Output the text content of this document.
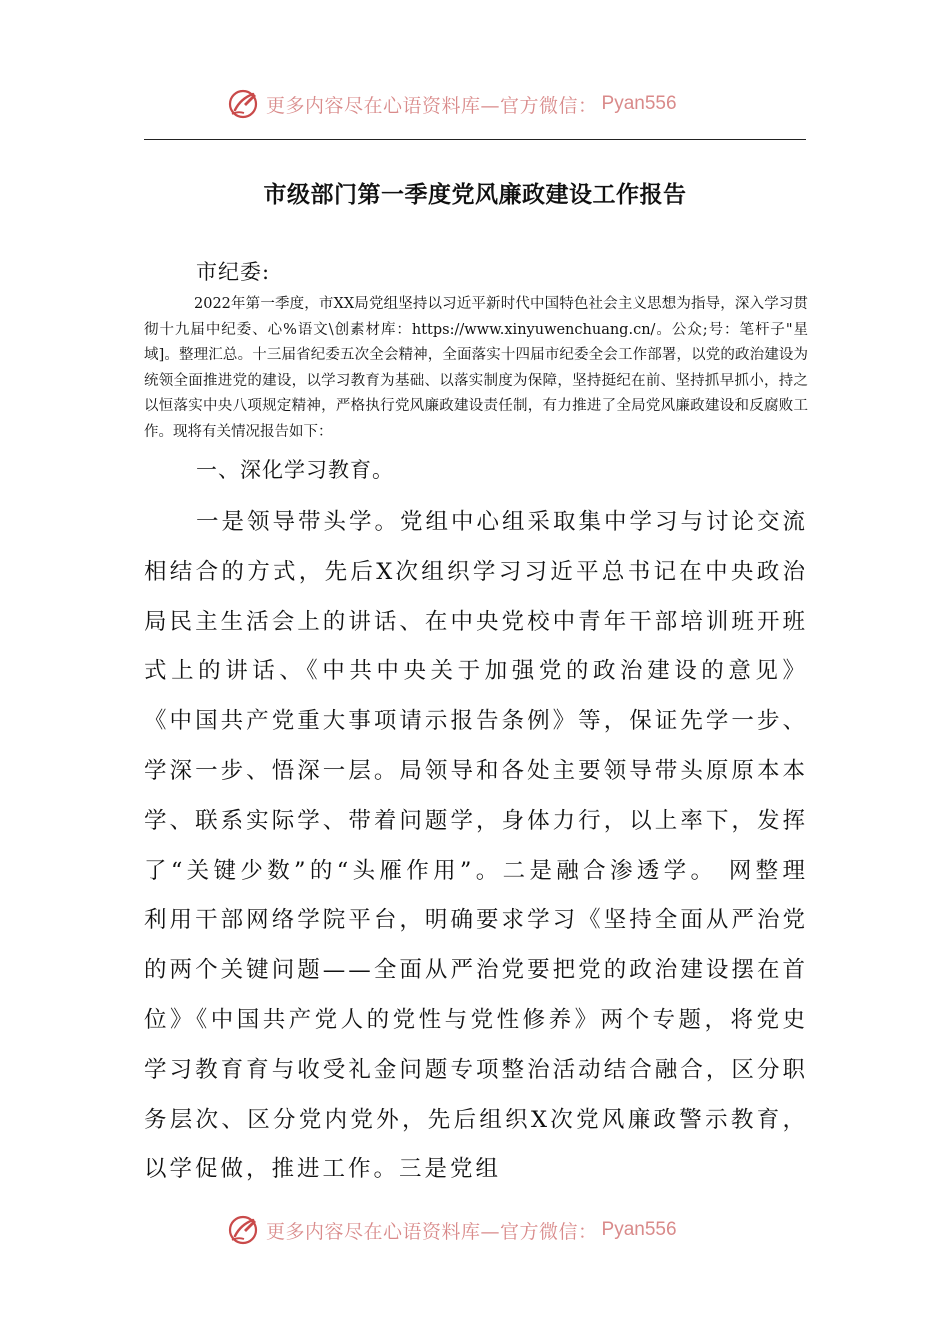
更多内容尽在心语资料库—官方微信： Pyan556
市级部门第一季度党风廉政建设工作报告
市纪委:
2022年第一季度，市XX局党组坚持以习近平新时代中国特色社会主义思想为指导，深入学习贯彻十九届中纪委、心%语文\创素材库：https://www.xinyuwenchuang.cn/。公众;号：笔杆子"星域]。整理汇总。十三届省纪委五次全会精神，全面落实十四届市纪委全会工作部署，以党的政治建设为统领全面推进党的建设，以学习教育为基础、以落实制度为保障，坚持挺纪在前、坚持抓早抓小，持之以恒落实中央八项规定精神，严格执行党风廉政建设责任制，有力推进了全局党风廉政建设和反腐败工作。现将有关情况报告如下：
一、深化学习教育。
一是领导带头学。党组中心组采取集中学习与讨论交流相结合的方式，先后X次组织学习习近平总书记在中央政治局民主生活会上的讲话、在中央党校中青年干部培训班开班式上的讲话、《中共中央关于加强党的政治建设的意见》《中国共产党重大事项请示报告条例》等，保证先学一步、学深一步、悟深一层。局领导和各处主要领导带头原原本本学、联系实际学、带着问题学，身体力行，以上率下，发挥了“关键少数”的“头雁作用”。二是融合渗透学。 网整理 利用干部网络学院平台，明确要求学习《坚持全面从严治党的两个关键问题——全面从严治党要把党的政治建设摆在首位》《中国共产党人的党性与党性修养》两个专题，将党史学习教育育与收受礼金问题专项整治活动结合融合，区分职务层次、区分党内党外，先后组织X次党风廉政警示教育，以学促做，推进工作。三是党组
更多内容尽在心语资料库—官方微信： Pyan556
